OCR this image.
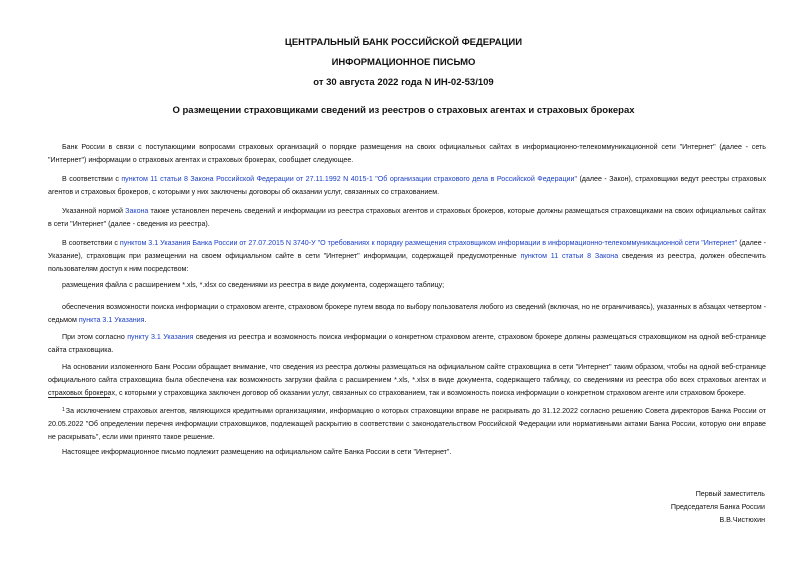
ЦЕНТРАЛЬНЫЙ БАНК РОССИЙСКОЙ ФЕДЕРАЦИИ
ИНФОРМАЦИОННОЕ ПИСЬМО
от 30 августа 2022 года N ИН-02-53/109
О размещении страховщиками сведений из реестров о страховых агентах и страховых брокерах

Банк России в связи с поступающими вопросами страховых организаций о порядке размещения на своих официальных сайтах в информационно-телекоммуникационной сети "Интернет" (далее - сеть "Интернет") информации о страховых агентах и страховых брокерах, сообщает следующее.

В соответствии с пунктом 11 статьи 8 Закона Российской Федерации от 27.11.1992 N 4015-1 "Об организации страхового дела в Российской Федерации" (далее - Закон), страховщики ведут реестры страховых агентов и страховых брокеров, с которыми у них заключены договоры об оказании услуг, связанных со страхованием.

Указанной нормой Закона также установлен перечень сведений и информации из реестра страховых агентов и страховых брокеров, которые должны размещаться страховщиками на своих официальных сайтах в сети "Интернет" (далее - сведения из реестра).

В соответствии с пунктом 3.1 Указания Банка России от 27.07.2015 N 3740-У "О требованиях к порядку размещения страховщиком информации в информационно-телекоммуникационной сети "Интернет" (далее - Указание), страховщик при размещении на своем официальном сайте в сети "Интернет" информации, содержащей предусмотренные пунктом 11 статьи 8 Закона сведения из реестра, должен обеспечить пользователям доступ к ним посредством:

размещения файла с расширением *.xls, *.xlsx со сведениями из реестра в виде документа, содержащего таблицу;

обеспечения возможности поиска информации о страховом агенте, страховом брокере путем ввода по выбору пользователя любого из сведений (включая, но не ограничиваясь), указанных в абзацах четвертом - седьмом пункта 3.1 Указания.

При этом согласно пункту 3.1 Указания сведения из реестра и возможность поиска информации о конкретном страховом агенте, страховом брокере должны размещаться страховщиком на одной веб-странице сайта страховщика.

На основании изложенного Банк России обращает внимание, что сведения из реестра должны размещаться на официальном сайте страховщика в сети "Интернет" таким образом, чтобы на одной веб-странице официального сайта страховщика была обеспечена как возможность загрузки файла с расширением *.xls, *.xlsx в виде документа, содержащего таблицу, со сведениями из реестра обо всех страховых агентах и страховых брокерах, с которыми у страховщика заключен договор об оказании услуг, связанных со страхованием, так и возможность поиска информации о конкретном страховом агенте или страховом брокере.

$^1$За исключением страховых агентов, являющихся кредитными организациями, информацию о которых страховщики вправе не раскрывать до 31.12.2022 согласно решению Совета директоров Банка России от 20.05.2022 "Об определении перечня информации страховщиков, подлежащей раскрытию в соответствии с законодательством Российской Федерации или нормативными актами Банка России, которую они вправе не раскрывать", если ими принято такое решение.

Настоящее информационное письмо подлежит размещению на официальном сайте Банка России в сети "Интернет".

Первый заместитель
Председателя Банка России
В.В.Чистюхин
